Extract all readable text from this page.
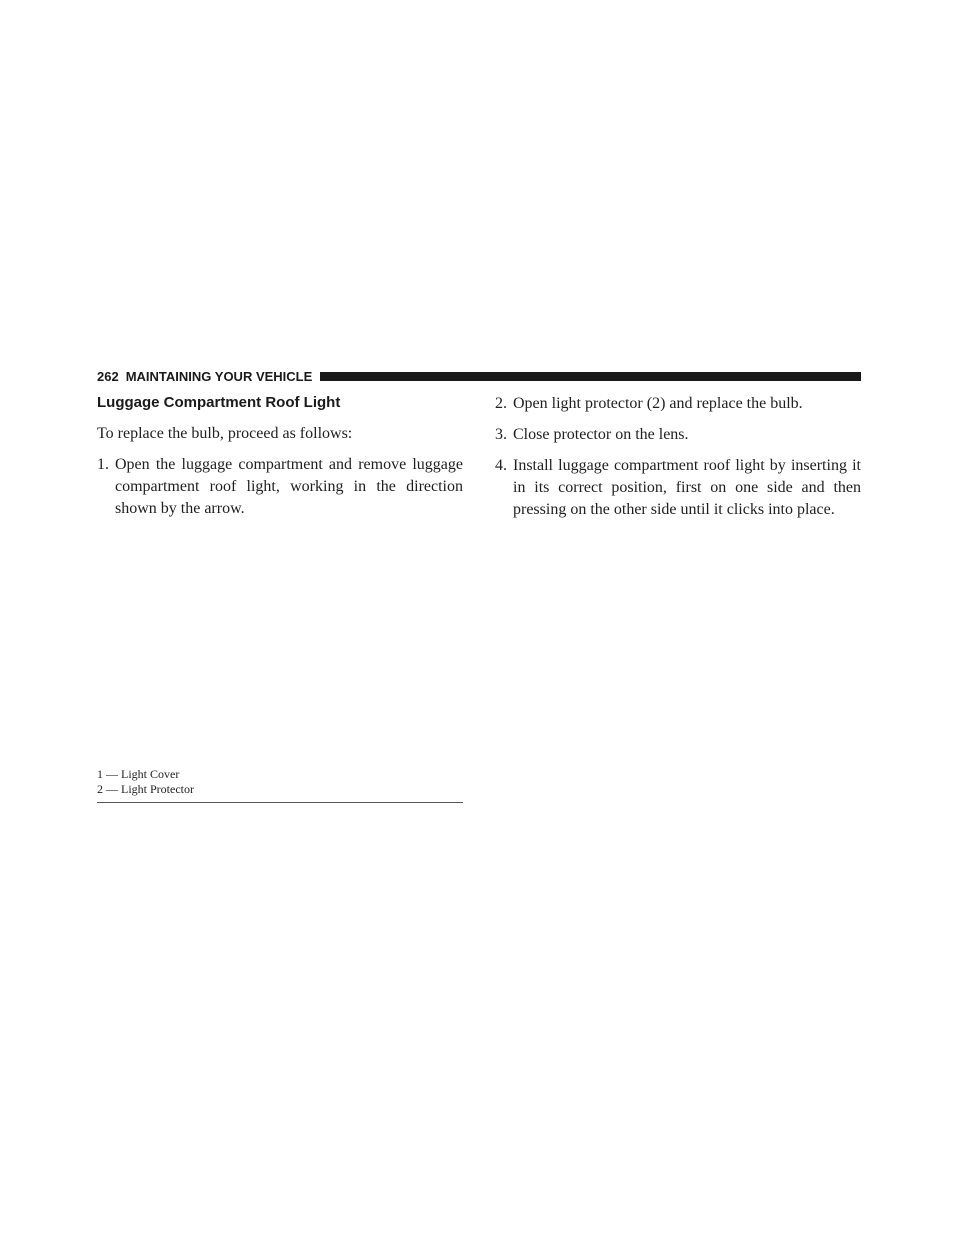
262 MAINTAINING YOUR VEHICLE
Luggage Compartment Roof Light

To replace the bulb, proceed as follows:

1. Open the luggage compartment and remove luggage compartment roof light, working in the direction shown by the arrow.

2. Open light protector (2) and replace the bulb.

3. Close protector on the lens.

4. Install luggage compartment roof light by inserting it in its correct position, first on one side and then pressing on the other side until it clicks into place.

1 — Light Cover
2 — Light Protector
